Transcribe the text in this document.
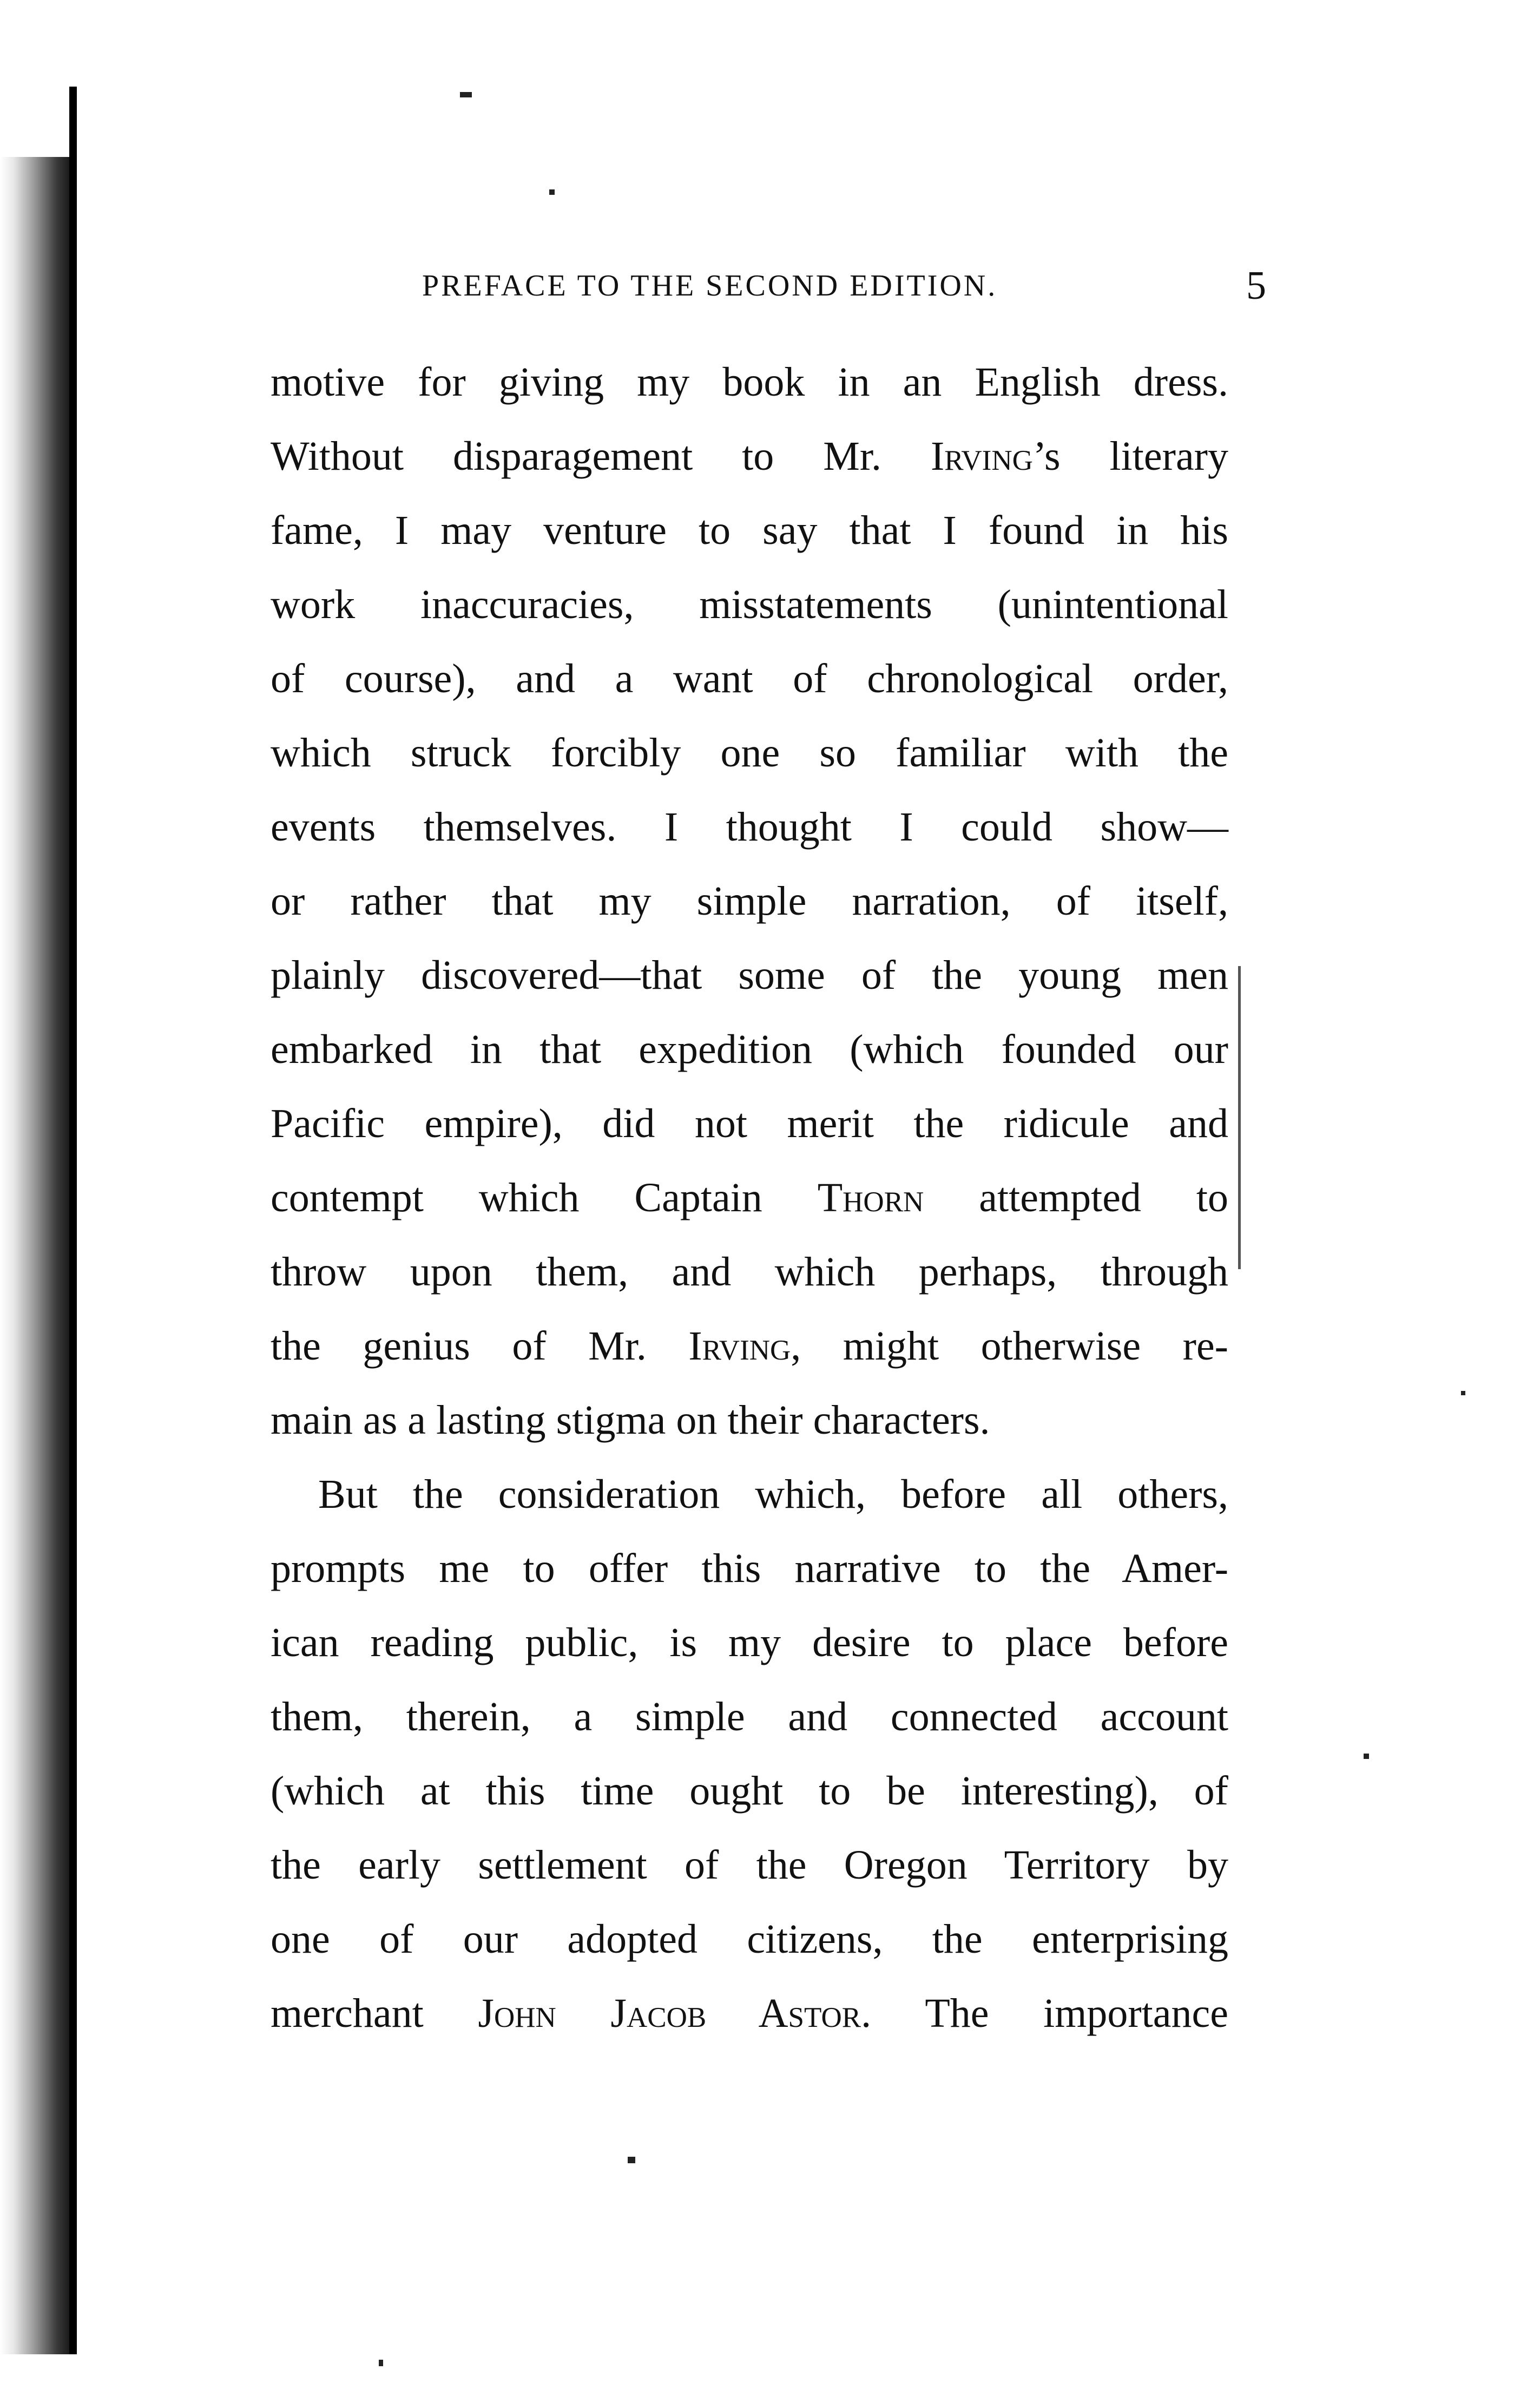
PREFACE TO THE SECOND EDITION.	5
motive for giving my book in an English dress.
Without disparagement to Mr. Irving’s literary
fame, I may venture to say that I found in his
work inaccuracies, misstatements (unintentional
of course), and a want of chronological order,
which struck forcibly one so familiar with the
events themselves. I thought I could show—
or rather that my simple narration, of itself,
plainly discovered—that some of the young men
embarked in that expedition (which founded our
Pacific empire), did not merit the ridicule and
contempt which Captain Thorn attempted to
throw upon them, and which perhaps, through
the genius of Mr. Irving, might otherwise re-
main as a lasting stigma on their characters.
But the consideration which, before all others,
prompts me to offer this narrative to the Amer-
ican reading public, is my desire to place before
them, therein, a simple and connected account
(which at this time ought to be interesting), of
the early settlement of the Oregon Territory by
one of our adopted citizens, the enterprising
merchant John Jacob Astor. The importance
